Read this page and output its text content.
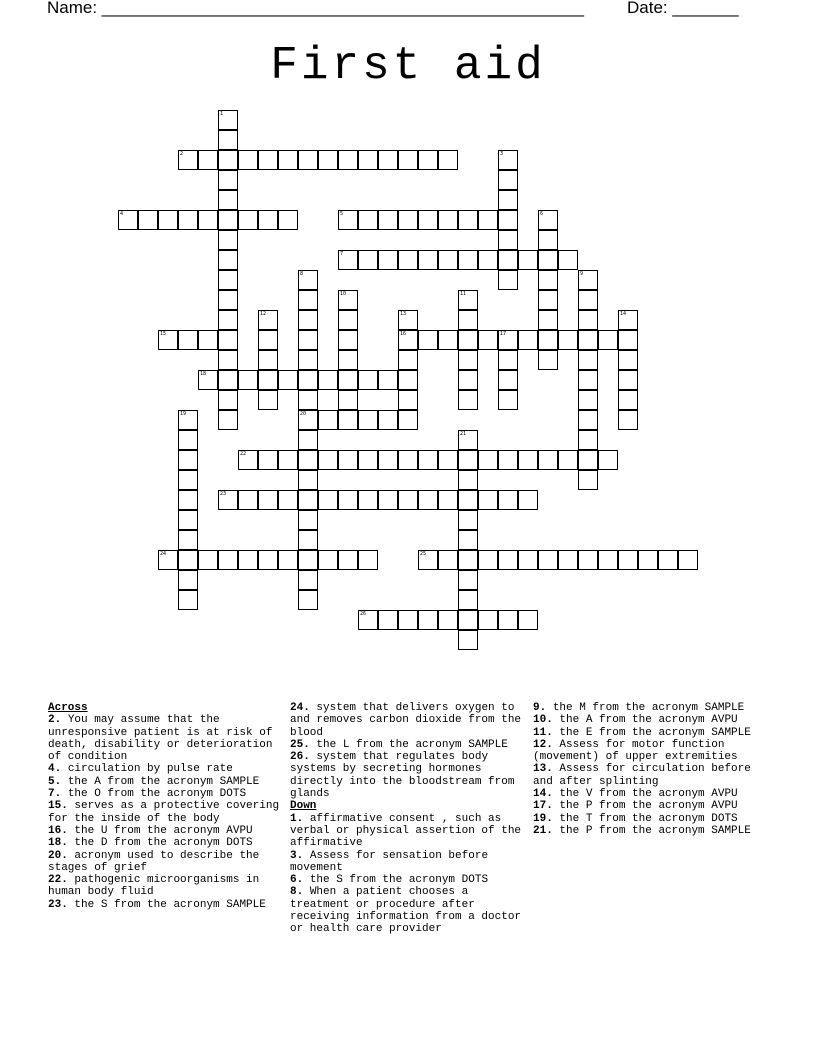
Name: ___________________________________________________	Date: _______
First aid
1
2	3
4	5	6
7
8
20
9
10	11
12	13
16
14
15	17
18
19
21
22
23
24	25
26
Across
2. You may assume that the unresponsive patient is at risk of death, disability or deterioration of condition
4. circulation by pulse rate
5. the A from the acronym SAMPLE
7. the O from the acronym DOTS
15. serves as a protective covering for the inside of the body
16. the U from the acronym AVPU
18. the D from the acronym DOTS
20. acronym used to describe the stages of grief
22. pathogenic microorganisms in human body fluid
23. the S from the acronym SAMPLE
24. system that delivers oxygen to and removes carbon dioxide from the blood
25. the L from the acronym SAMPLE
26. system that regulates body systems by secreting hormones directly into the bloodstream from glands
Down
1. affirmative consent , such as verbal or physical assertion of the affirmative
3. Assess for sensation before movement
6. the S from the acronym DOTS
8. When a patient chooses a treatment or procedure after receiving information from a doctor or health care provider
9. the M from the acronym SAMPLE
10. the A from the acronym AVPU
11. the E from the acronym SAMPLE
12. Assess for motor function (movement) of upper extremities
13. Assess for circulation before and after splinting
14. the V from the acronym AVPU
17. the P from the acronym AVPU
19. the T from the acronym DOTS
21. the P from the acronym SAMPLE
